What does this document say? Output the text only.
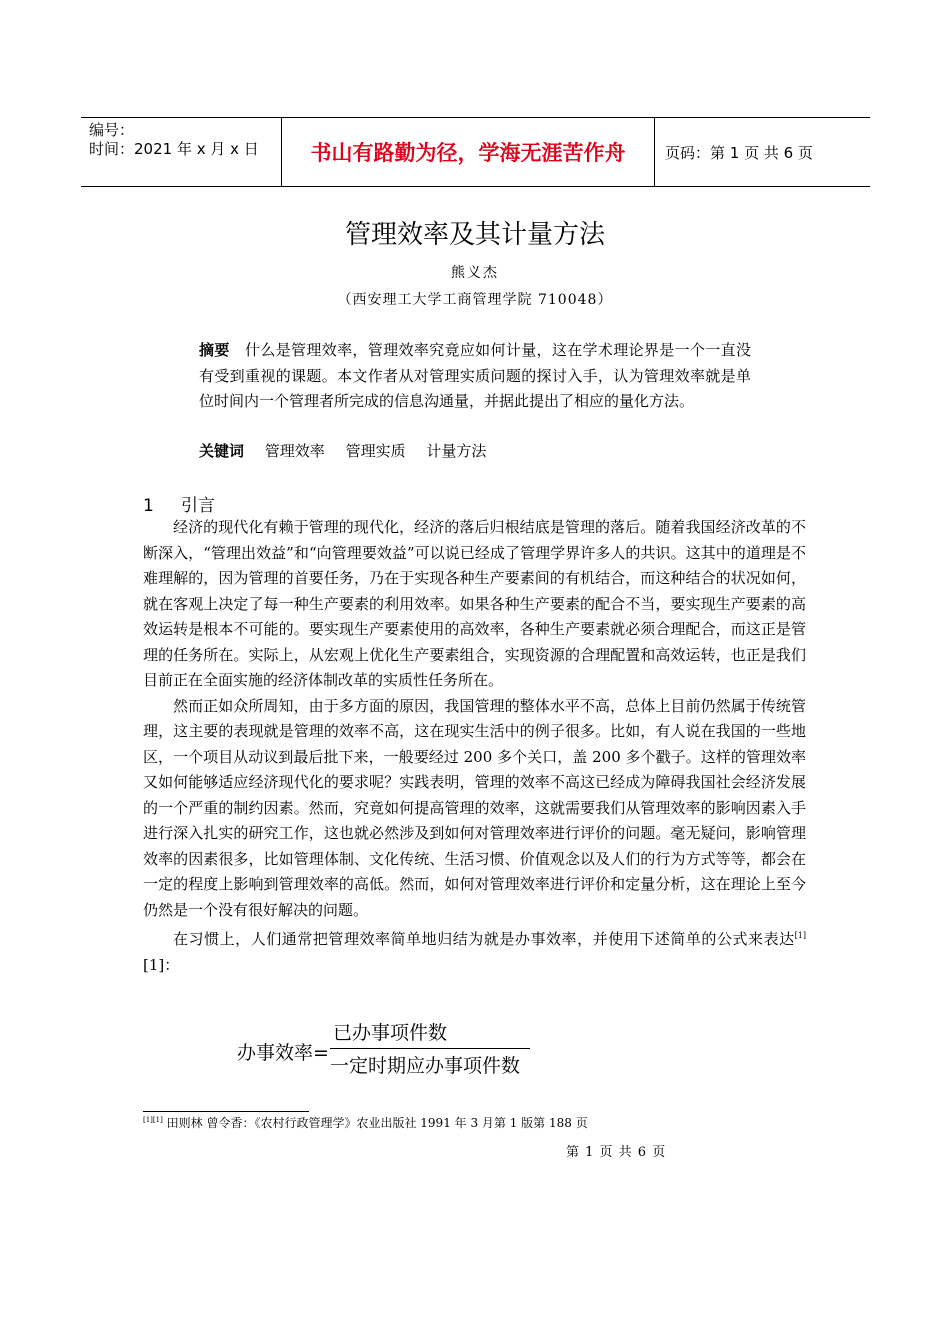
编号：
时间：2021 年 x 月 x 日	书山有路勤为径，学海无涯苦作舟	页码：第 1 页 共 6 页
管理效率及其计量方法
熊义杰
（西安理工大学工商管理学院 710048）
摘要 什么是管理效率，管理效率究竟应如何计量，这在学术理论界是一个一直没有受到重视的课题。本文作者从对管理实质问题的探讨入手，认为管理效率就是单位时间内一个管理者所完成的信息沟通量，并据此提出了相应的量化方法。
关键词 管理效率 管理实质 计量方法
1 引言

经济的现代化有赖于管理的现代化，经济的落后归根结底是管理的落后。随着我国经济改革的不断深入，“管理出效益”和“向管理要效益”可以说已经成了管理学界许多人的共识。这其中的道理是不难理解的，因为管理的首要任务，乃在于实现各种生产要素间的有机结合，而这种结合的状况如何，就在客观上决定了每一种生产要素的利用效率。如果各种生产要素的配合不当，要实现生产要素的高效运转是根本不可能的。要实现生产要素使用的高效率，各种生产要素就必须合理配合，而这正是管理的任务所在。实际上，从宏观上优化生产要素组合，实现资源的合理配置和高效运转，也正是我们目前正在全面实施的经济体制改革的实质性任务所在。

然而正如众所周知，由于多方面的原因，我国管理的整体水平不高，总体上目前仍然属于传统管理，这主要的表现就是管理的效率不高，这在现实生活中的例子很多。比如，有人说在我国的一些地区，一个项目从动议到最后批下来，一般要经过 200 多个关口，盖 200 多个戳子。这样的管理效率又如何能够适应经济现代化的要求呢？实践表明，管理的效率不高这已经成为障碍我国社会经济发展的一个严重的制约因素。然而，究竟如何提高管理的效率，这就需要我们从管理效率的影响因素入手进行深入扎实的研究工作，这也就必然涉及到如何对管理效率进行评价的问题。毫无疑问，影响管理效率的因素很多，比如管理体制、文化传统、生活习惯、价值观念以及人们的行为方式等等，都会在一定的程度上影响到管理效率的高低。然而，如何对管理效率进行评价和定量分析，这在理论上至今仍然是一个没有很好解决的问题。

在习惯上，人们通常把管理效率简单地归结为就是办事效率，并使用下述简单的公式来表达[1][1]：

办事效率=
已办事项件数
一定时期应办事项件数
[1][1] 田则林 曾令香：《农村行政管理学》农业出版社 1991 年 3 月第 1 版第 188 页
第 1 页 共 6 页
